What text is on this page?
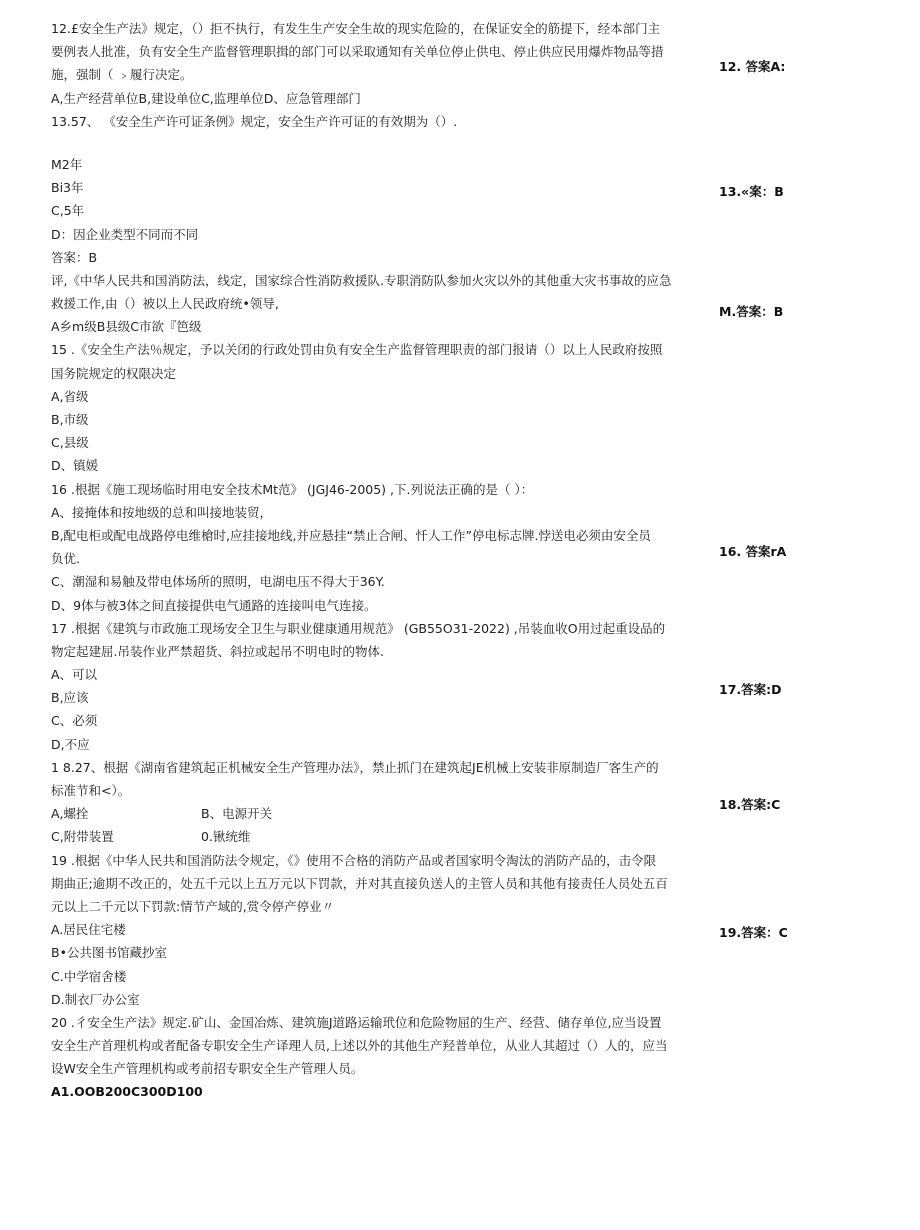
12.£安全生产法》规定，（）拒不执行，有发生生产安全生故的现实危险的，在保证安全的筋提下，经本部门主
要例表人批准，负有安全生产监督管理职揖的部门可以采取通知有关单位停止供电、停止供应民用爆炸物品等措
施，强制（ ﹥履行决定。
A,生产经营单位B,建设单位C,监理单位D、应急管理部门
13.57、 《安全生产许可证条例》规定，安全生产许可证的有效期为（）.
M2年
Bi3年
C,5年
D：因企业类型不同而不同
答案：B
评,《中华人民共和国消防法，线定，国家综合性消防救援队.专职消防队参加火灾以外的其他重大灾书事故的应急
救援工作,由（）被以上人民政府统•领导,
A乡m级B县级C市欲『笆级
15 .《安全生产法％规定，予以关闭的行政处罚由负有安全生产监督管理职责的部门报请（）以上人民政府按照
国务院规定的权限决定
A,省级
B,市级
C,县级
D、镇媛
16 .根据《施工现场临时用电安全技术Mt范》 (JGJ46-2005) ,下.列说法正确的是（ ）：
A、接掩体和按地级的总和叫接地装贸，
B,配电柜或配电战路停电维槍时,应挂接地线,并应悬挂“禁止合闸、忏人工作”停电标志牌.悖送电必须由安全员
负优.
C、潮湿和易触及带电体场所的照明，电湖电压不得大于36Y.
D、9体与被3体之间直接提供电气通路的连接叫电气连接。
17 .根据《建筑与市政施工现场安全卫生与职业健康通用规范》 (GB55O31-2022) ,吊装血收O用过起重设品的
物定起建屈.吊装作业严禁超货、斜拉或起吊不明电时的物体.
A、可以
B,应该
C、必须
D,不应
1 8.27、根据《湖南省建筑起正机械安全生产管理办法》，禁止抓门在建筑起JE机械上安装非原制造厂客生产的
标准节和<）。
A,螺拴	B、电源开关
C,附带装置	0.锹统维
19 .根据《中华人民共和国消防法令规定，《》使用不合格的消防产品或者国家明令淘汰的消防产品的，击令限
期曲正;逾期不改正的，处五千元以上五万元以下罚款，并对其直接负送人的主管人员和其他有接责任人员处五百
元以上二千元以下罚款:情节产域的,赏令停产停业〃
A.居民住宅楼
B•公共图书馆藏抄室
C.中学宿舍楼
D.制衣厂办公室
20 .彳安全生产法》规定.矿山、金国冶炼、建筑施J道路运输玳位和危险物屈的生产、经营、储存单位,应当设置
安全生产首理机构或者配备专职安全生产译理人员,上述以外的其他生产羟普单位，从业人其超过（）人的，应当
设W安全生产管理机构或考前招专职安全生产管理人员。
A1.OOB200C300D100
12. 答案A:
13.«案：B
M.答案：B
16. 答案rA
17.答案:D
18.答案:C
19.答案：C
